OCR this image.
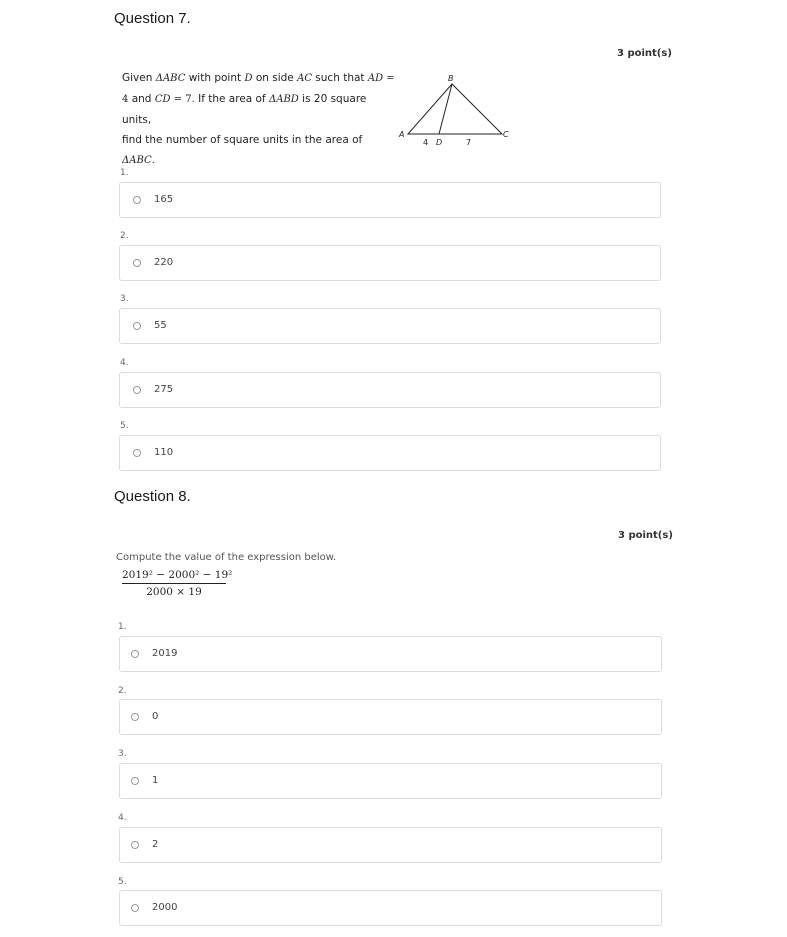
Question 7.
3 point(s)
Given ΔABC with point D on side AC such that AD =
4 and CD = 7. If the area of ΔABD is 20 square units,
find the number of square units in the area of ΔABC.
B
A	C
4 D	7
1.
165
2.
220
3.
55
4.
275
5.
110
Question 8.
3 point(s)
Compute the value of the expression below.
$\frac{\text{2019² − 2000² − 19²}}{2000 \times 19}$
1.
2019
2.
0
3.
1
4.
2
5.
2000
